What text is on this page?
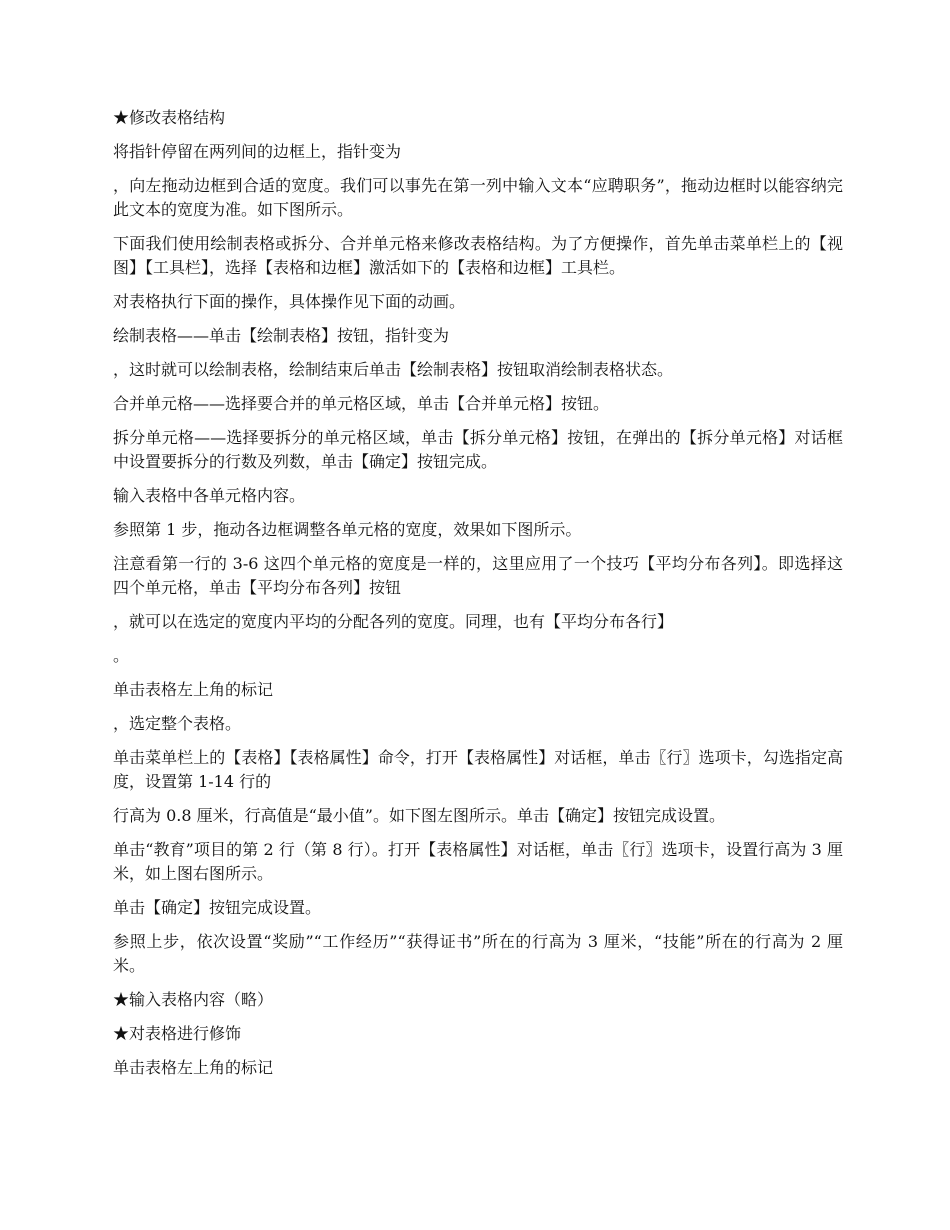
★修改表格结构

将指针停留在两列间的边框上，指针变为

，向左拖动边框到合适的宽度。我们可以事先在第一列中输入文本“应聘职务”，拖动边框时以能容纳完此文本的宽度为准。如下图所示。

下面我们使用绘制表格或拆分、合并单元格来修改表格结构。为了方便操作，首先单击菜单栏上的【视图】【工具栏】，选择【表格和边框】激活如下的【表格和边框】工具栏。

对表格执行下面的操作，具体操作见下面的动画。

绘制表格——单击【绘制表格】按钮，指针变为

，这时就可以绘制表格，绘制结束后单击【绘制表格】按钮取消绘制表格状态。

合并单元格——选择要合并的单元格区域，单击【合并单元格】按钮。

拆分单元格——选择要拆分的单元格区域，单击【拆分单元格】按钮，在弹出的【拆分单元格】对话框中设置要拆分的行数及列数，单击【确定】按钮完成。

输入表格中各单元格内容。

参照第 1 步，拖动各边框调整各单元格的宽度，效果如下图所示。

注意看第一行的 3-6 这四个单元格的宽度是一样的，这里应用了一个技巧【平均分布各列】。即选择这四个单元格，单击【平均分布各列】按钮

，就可以在选定的宽度内平均的分配各列的宽度。同理，也有【平均分布各行】

。

单击表格左上角的标记

，选定整个表格。

单击菜单栏上的【表格】【表格属性】命令，打开【表格属性】对话框，单击〖行〗选项卡，勾选指定高度，设置第 1-14 行的

行高为 0.8 厘米，行高值是“最小值”。如下图左图所示。单击【确定】按钮完成设置。

单击“教育”项目的第 2 行（第 8 行）。打开【表格属性】对话框，单击〖行〗选项卡，设置行高为 3 厘米，如上图右图所示。

单击【确定】按钮完成设置。

参照上步，依次设置“奖励”“工作经历”“获得证书”所在的行高为 3 厘米，“技能”所在的行高为 2 厘米。

★输入表格内容（略）

★对表格进行修饰

单击表格左上角的标记
